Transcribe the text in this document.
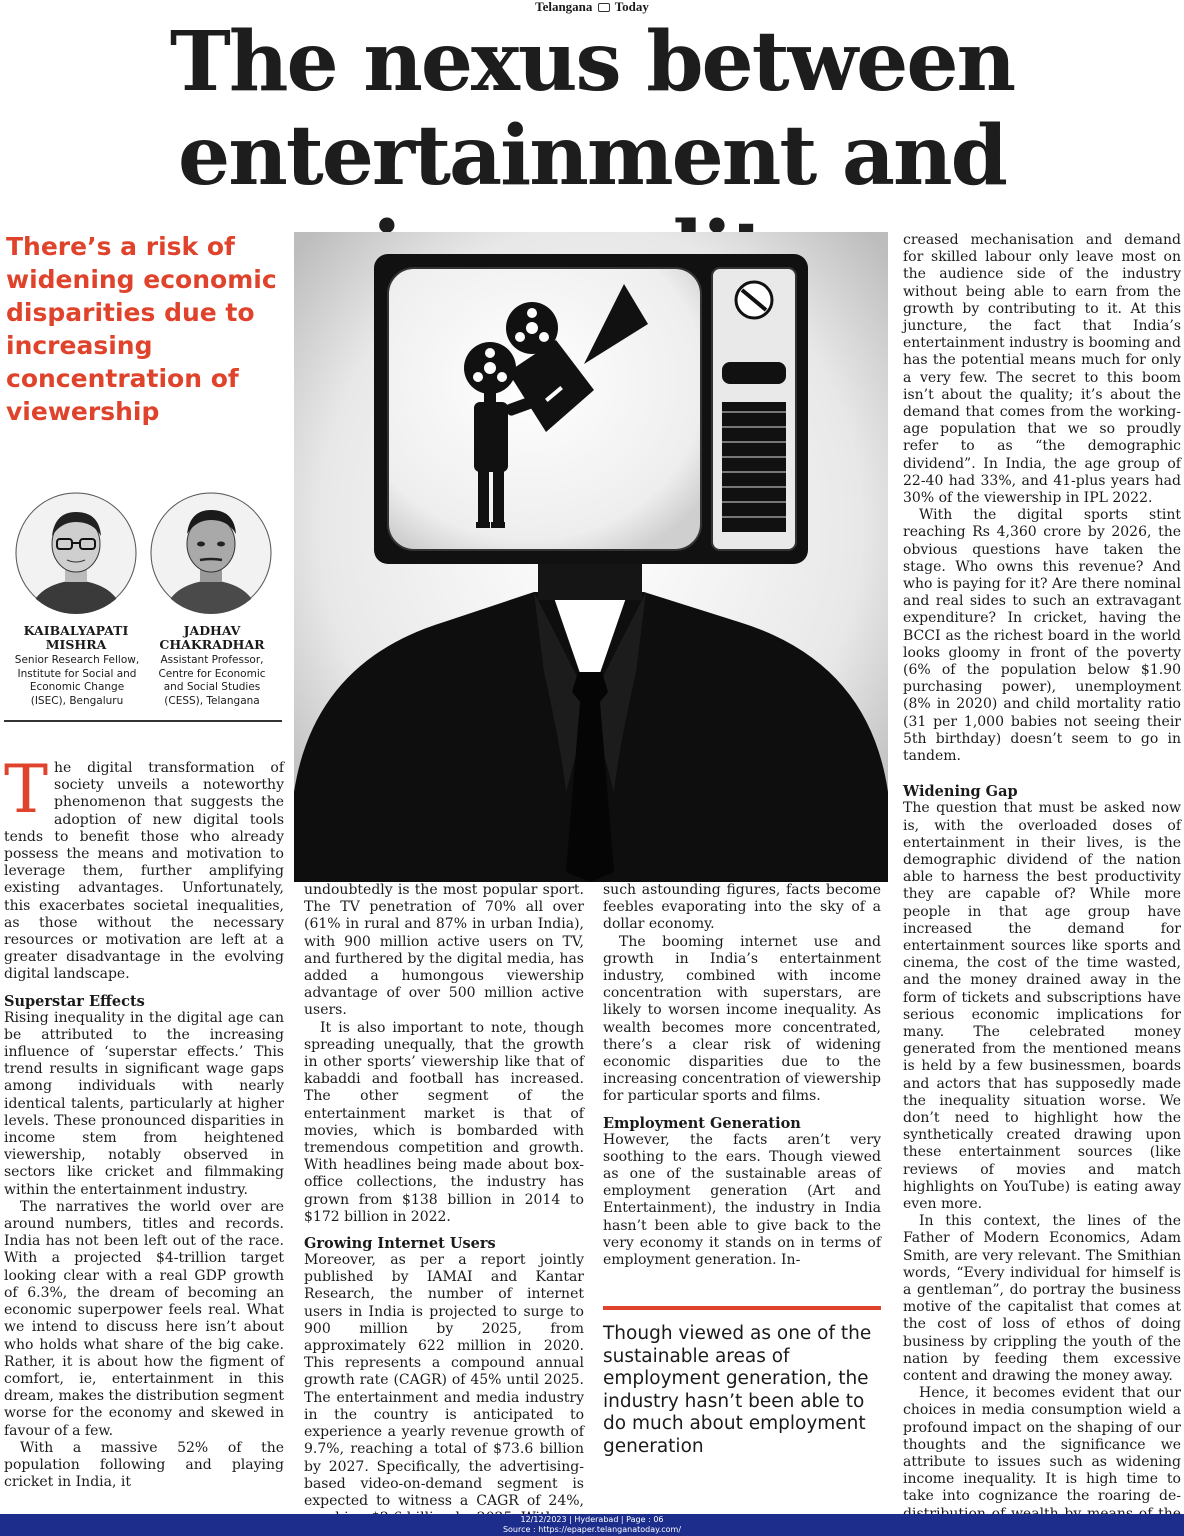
Telangana Today
The nexus between
entertainment and
There’s a risk of widening economic disparities due to increasing concentration of viewership
KAIBALYAPATI
MISHRA
Senior Research Fellow, Institute for Social and Economic Change (ISEC), Bengaluru
JADHAV
CHAKRADHAR
Assistant Professor, Centre for Economic and Social Studies (CESS), Telangana
T he digital transformation of society unveils a noteworthy phenomenon that suggests the adoption of new digital tools tends to benefit those who already possess the means and motivation to leverage them, further amplifying existing advantages. Unfortunately, this exacerbates societal inequalities, as those without the necessary resources or motivation are left at a greater disadvantage in the evolving digital landscape.

Superstar Effects

Rising inequality in the digital age can be attributed to the increasing influence of ‘superstar effects.’ This trend results in significant wage gaps among individuals with nearly identical talents, particularly at higher levels. These pronounced disparities in income stem from heightened viewership, notably observed in sectors like cricket and filmmaking within the entertainment industry.

The narratives the world over are around numbers, titles and records. India has not been left out of the race. With a projected $4-trillion target looking clear with a real GDP growth of 6.3%, the dream of becoming an economic superpower feels real. What we intend to discuss here isn’t about who holds what share of the big cake. Rather, it is about how the figment of comfort, ie, entertainment in this dream, makes the distribution segment worse for the economy and skewed in favour of a few.

With a massive 52% of the population following and playing cricket in India, it

undoubtedly is the most popular sport. The TV penetration of 70% all over (61% in rural and 87% in urban India), with 900 million active users on TV, and furthered by the digital media, has added a humongous viewership advantage of over 500 million active users.

It is also important to note, though spreading unequally, that the growth in other sports’ viewership like that of kabaddi and football has increased. The other segment of the entertainment market is that of movies, which is bombarded with tremendous competition and growth. With headlines being made about box-office collections, the industry has grown from $138 billion in 2014 to $172 billion in 2022.

Growing Internet Users

Moreover, as per a report jointly published by IAMAI and Kantar Research, the number of internet users in India is projected to surge to 900 million by 2025, from approximately 622 million in 2020. This represents a compound annual growth rate (CAGR) of 45% until 2025. The entertainment and media industry in the country is anticipated to experience a yearly revenue growth of 9.7%, reaching a total of $73.6 billion by 2027. Specifically, the advertising-based video-on-demand segment is expected to witness a CAGR of 24%,

such astounding figures, facts become feebles evaporating into the sky of a dollar economy.

The booming internet use and growth in India’s entertainment industry, combined with income concentration with superstars, are likely to worsen income inequality. As wealth becomes more concentrated, there’s a clear risk of widening economic disparities due to the increasing concentration of viewership for particular sports and films.

Employment Generation

However, the facts aren’t very soothing to the ears. Though viewed as one of the sustainable areas of employment generation (Art and Entertainment), the industry in India hasn’t been able to give back to the very economy it stands on in terms of employment generation. In-

Though viewed as one of the sustainable areas of employment generation, the industry hasn’t been able to do much about employment generation

creased mechanisation and demand for skilled labour only leave most on the audience side of the industry without being able to earn from the growth by contributing to it. At this juncture, the fact that India’s entertainment industry is booming and has the potential means much for only a very few. The secret to this boom isn’t about the quality; it’s about the demand that comes from the working-age population that we so proudly refer to as “the demographic dividend”. In India, the age group of 22-40 had 33%, and 41-plus years had 30% of the viewership in IPL 2022.

With the digital sports stint reaching Rs 4,360 crore by 2026, the obvious questions have taken the stage. Who owns this revenue? And who is paying for it? Are there nominal and real sides to such an extravagant expenditure? In cricket, having the BCCI as the richest board in the world looks gloomy in front of the poverty (6% of the population below $1.90 purchasing power), unemployment (8% in 2020) and child mortality ratio (31 per 1,000 babies not seeing their 5th birthday) doesn’t seem to go in tandem.

Widening Gap

The question that must be asked now is, with the overloaded doses of entertainment in their lives, is the demographic dividend of the nation able to harness the best productivity they are capable of? While more people in that age group have increased the demand for entertainment sources like sports and cinema, the cost of the time wasted, and the money drained away in the form of tickets and subscriptions have serious economic implications for many. The celebrated money generated from the mentioned means is held by a few businessmen, boards and actors that has supposedly made the inequality situation worse. We don’t need to highlight how the synthetically created drawing upon these entertainment sources (like reviews of movies and match highlights on YouTube) is eating away even more.

In this context, the lines of the Father of Modern Economics, Adam Smith, are very relevant. The Smithian words, “Every individual for himself is a gentleman”, do portray the business motive of the capitalist that comes at the cost of loss of ethos of doing business by crippling the youth of the nation by feeding them excessive content and drawing the money away.

Hence, it becomes evident that our choices in media consumption wield a profound impact on the shaping of our thoughts and the significance we attribute to issues such as widening income inequality. It is high time to take into cognizance the roaring de-

12/12/2023 | Hyderabad | Page : 06
Source : https://epaper.telanganatoday.com/
